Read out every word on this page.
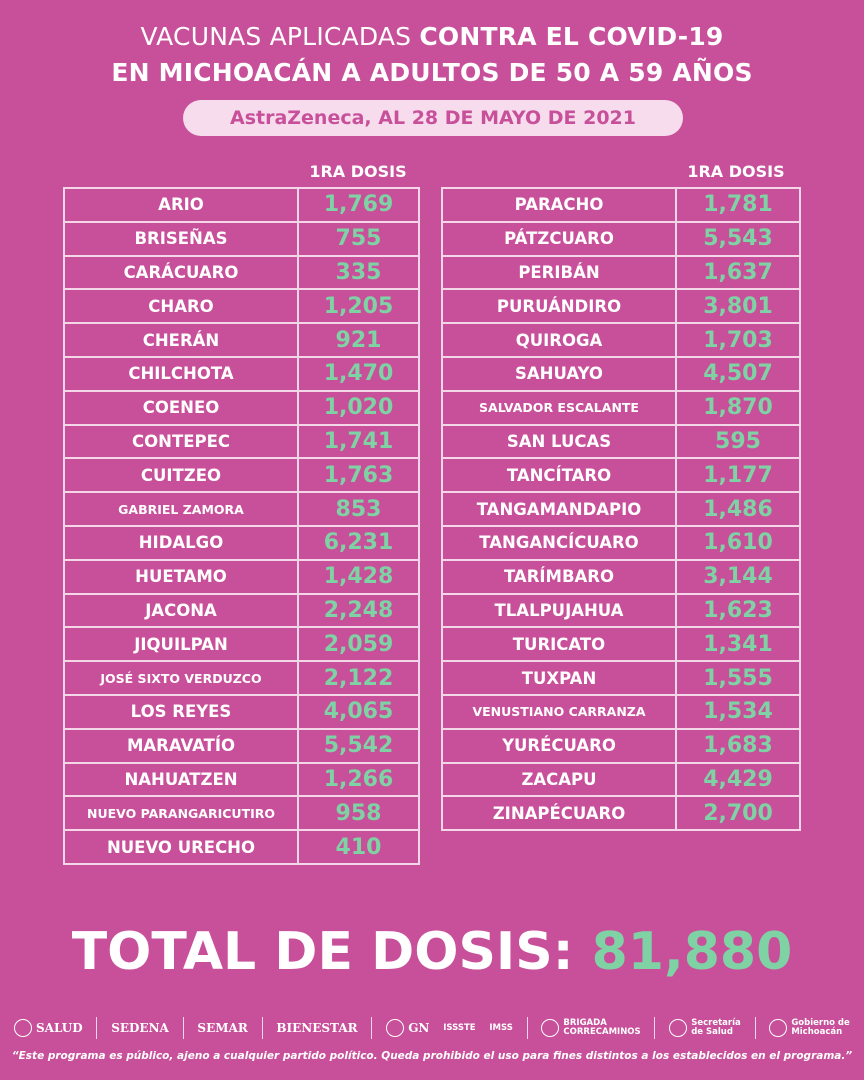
VACUNAS APLICADAS CONTRA EL COVID-19
EN MICHOACÁN A ADULTOS DE 50 A 59 AÑOS
AstraZeneca, AL 28 DE MAYO DE 2021
1RA DOSIS	1RA DOSIS
ARIO	1,769
BRISEÑAS	755
CARÁCUARO	335
CHARO	1,205
CHERÁN	921
CHILCHOTA	1,470
COENEO	1,020
CONTEPEC	1,741
CUITZEO	1,763
GABRIEL ZAMORA	853
HIDALGO	6,231
HUETAMO	1,428
JACONA	2,248
JIQUILPAN	2,059
JOSÉ SIXTO VERDUZCO	2,122
LOS REYES	4,065
MARAVATÍO	5,542
NAHUATZEN	1,266
NUEVO PARANGARICUTIRO	958
NUEVO URECHO	410
PARACHO	1,781
PÁTZCUARO	5,543
PERIBÁN	1,637
PURUÁNDIRO	3,801
QUIROGA	1,703
SAHUAYO	4,507
SALVADOR ESCALANTE	1,870
SAN LUCAS	595
TANCÍTARO	1,177
TANGAMANDAPIO	1,486
TANGANCÍCUARO	1,610
TARÍMBARO	3,144
TLALPUJAHUA	1,623
TURICATO	1,341
TUXPAN	1,555
VENUSTIANO CARRANZA	1,534
YURÉCUARO	1,683
ZACAPU	4,429
ZINAPÉCUARO	2,700
TOTAL DE DOSIS: 81,880
SALUD SEDENA SEMAR BIENESTAR	GN ISSSTE IMSS	BRIGADA
CORRECAMINOS
Secretaría
de Salud
Gobierno de
Michoacán
“Este programa es público, ajeno a cualquier partido político. Queda prohibido el uso para fines distintos a los establecidos en el programa.”
